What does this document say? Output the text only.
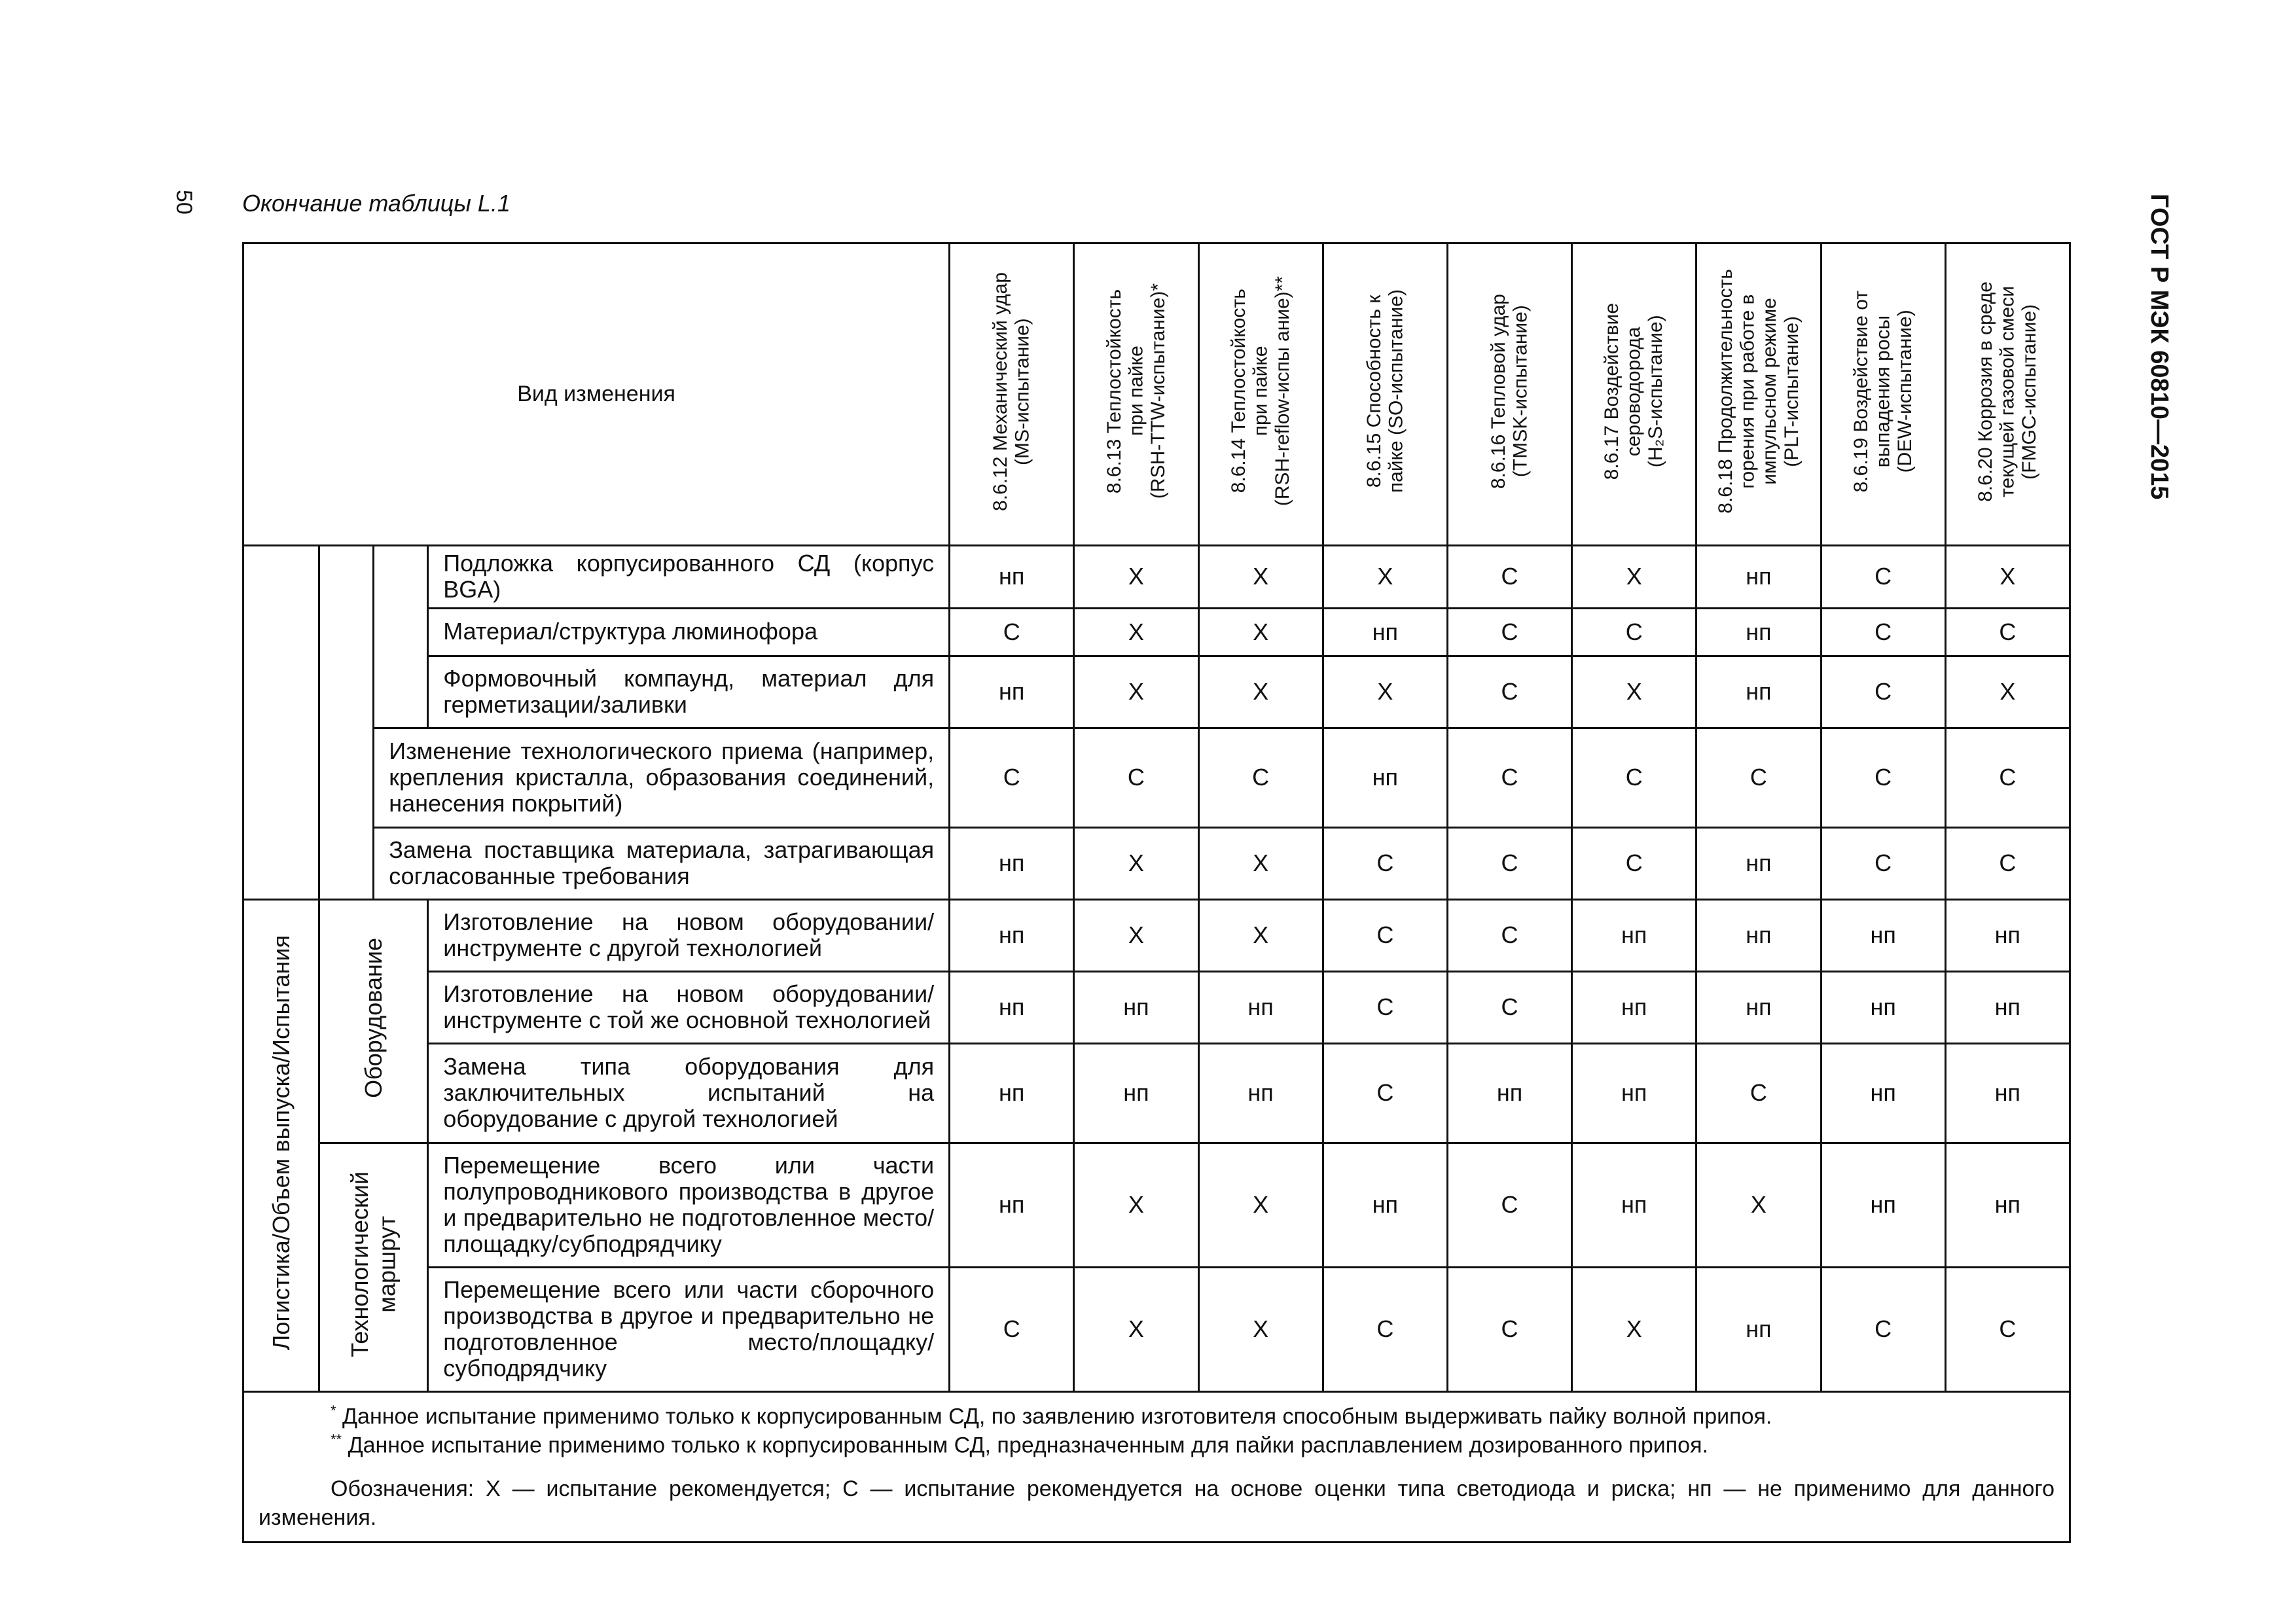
50 Окончание таблицы L.1	ГОСТ Р МЭК 60810—2015
Вид изменения				8.6.12 Механический удар (MS-испытание)	8.6.13 Теплостойкость при пайке (RSH-TTW-испытание)*	8.6.14 Теплостойкость при пайке (RSH-reflow-испы ание)**	8.6.15 Способность к пайке (SO-испытание)	8.6.16 Тепловой удар (TMSK-испытание)	8.6.17 Воздействие сероводорода (H₂S-испытание)	8.6.18 Продолжительность горения при работе в импульсном режиме (PLT-испытание)	8.6.19 Воздействие от выпадения росы (DEW-испытание)	8.6.20 Коррозия в среде текущей газовой смеси (FMGC-испытание)

			Подложка корпусированного СД (корпус BGA)	нп	X	X	X	C	X	нп	C	X
			Материал/структура люминофора	C	X	X	нп	C	C	нп	C	C
			Формовочный компаунд, материал для герметизации/заливки	нп	X	X	X	C	X	нп	C	X
		Изменение технологического приема (например, крепления кристалла, образования соединений, нанесения покрытий)		C	C	C	нп	C	C	C	C	C
		Замена поставщика материала, затрагивающая согласованные требования		нп	X	X	C	C	C	нп	C	C

Логистика/Объем выпуска/Испытания	Оборудование		Изготовление на новом оборудовании/инструменте с другой технологией	нп	X	X	C	C	нп	нп	нп	нп
			Изготовление на новом оборудовании/инструменте с той же основной технологией	нп	нп	нп	C	C	нп	нп	нп	нп
			Замена типа оборудования для заключительных испытаний на оборудование с другой технологией	нп	нп	нп	C	нп	нп	C	нп	нп

	Технологический маршрут		Перемещение всего или части полупроводникового производства в другое и предварительно не подготовленное место/площадку/субподрядчику	нп	X	X	нп	C	нп	X	нп	нп
			Перемещение всего или части сборочного производства в другое и предварительно не подготовленное место/площадку/субподрядчику	C	X	X	C	C	X	нп	C	C

* Данное испытание применимо только к корпусированным СД, по заявлению изготовителя способным выдерживать пайку волной припоя.
** Данное испытание применимо только к корпусированным СД, предназначенным для пайки расплавлением дозированного припоя.
Обозначения: X — испытание рекомендуется; C — испытание рекомендуется на основе оценки типа светодиода и риска; нп — не применимо для данного изменения.												
